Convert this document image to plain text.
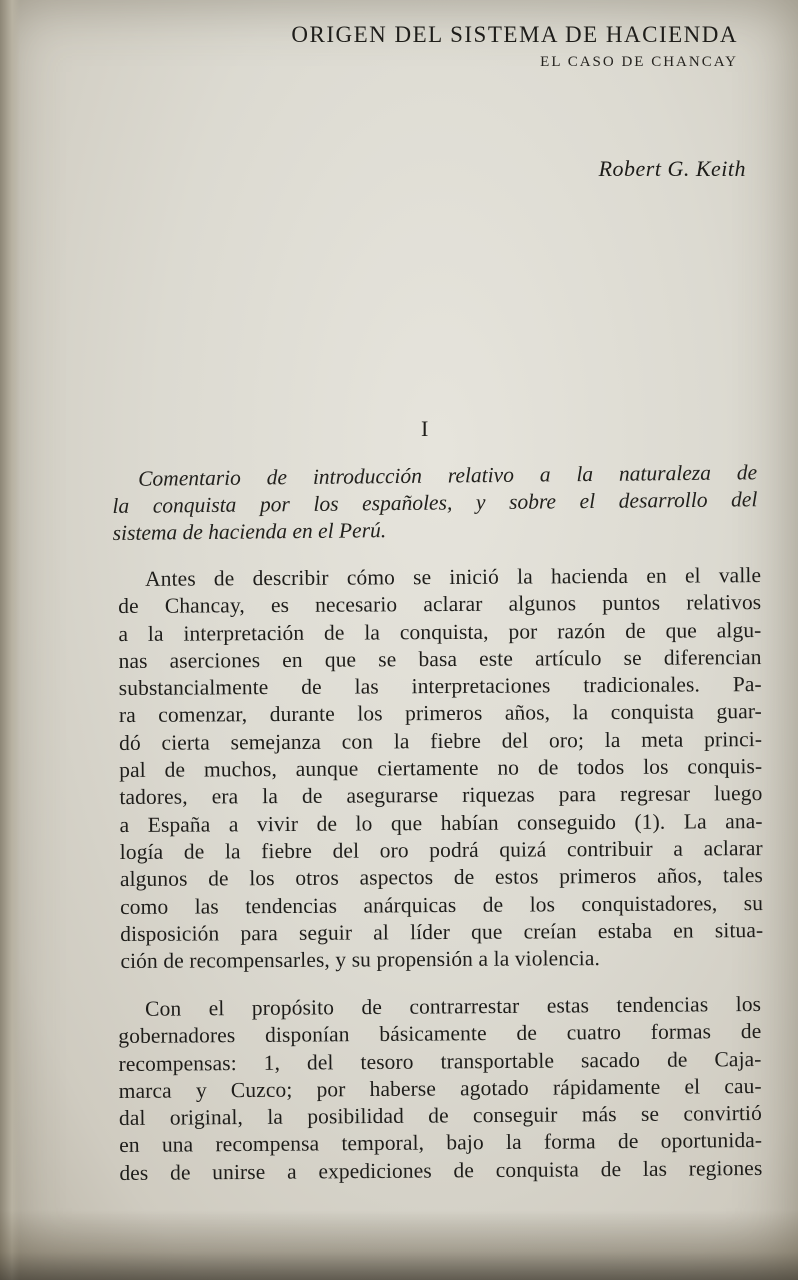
ORIGEN DEL SISTEMA DE HACIENDA
EL CASO DE CHANCAY
Robert G. Keith
I
Comentario de introducción relativo a la naturaleza de
la conquista por los españoles, y sobre el desarrollo del
sistema de hacienda en el Perú.
Antes de describir cómo se inició la hacienda en el valle
de Chancay, es necesario aclarar algunos puntos relativos
a la interpretación de la conquista, por razón de que algu-
nas aserciones en que se basa este artículo se diferencian
substancialmente de las interpretaciones tradicionales. Pa-
ra comenzar, durante los primeros años, la conquista guar-
dó cierta semejanza con la fiebre del oro; la meta princi-
pal de muchos, aunque ciertamente no de todos los conquis-
tadores, era la de asegurarse riquezas para regresar luego
a España a vivir de lo que habían conseguido (1). La ana-
logía de la fiebre del oro podrá quizá contribuir a aclarar
algunos de los otros aspectos de estos primeros años, tales
como las tendencias anárquicas de los conquistadores, su
disposición para seguir al líder que creían estaba en situa-
ción de recompensarles, y su propensión a la violencia.
Con el propósito de contrarrestar estas tendencias los
gobernadores disponían básicamente de cuatro formas de
recompensas: 1, del tesoro transportable sacado de Caja-
marca y Cuzco; por haberse agotado rápidamente el cau-
dal original, la posibilidad de conseguir más se convirtió
en una recompensa temporal, bajo la forma de oportunida-
des de unirse a expediciones de conquista de las regiones
